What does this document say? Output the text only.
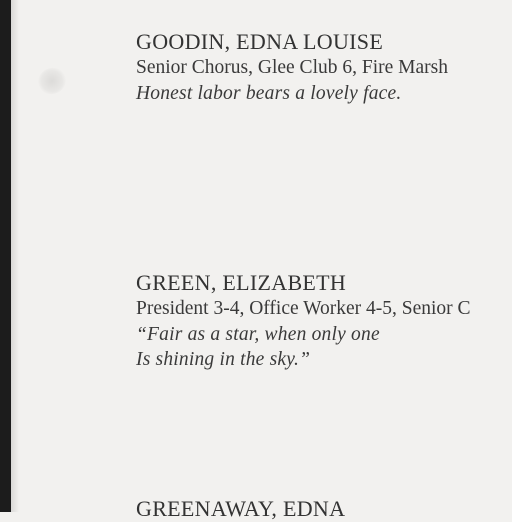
GOODIN, EDNA LOUISE
Senior Chorus, Glee Club 6, Fire Marsh
Honest labor bears a lovely face.
GREEN, ELIZABETH
President 3-4, Office Worker 4-5, Senior C
“Fair as a star, when only one
Is shining in the sky.”
GREENAWAY, EDNA
